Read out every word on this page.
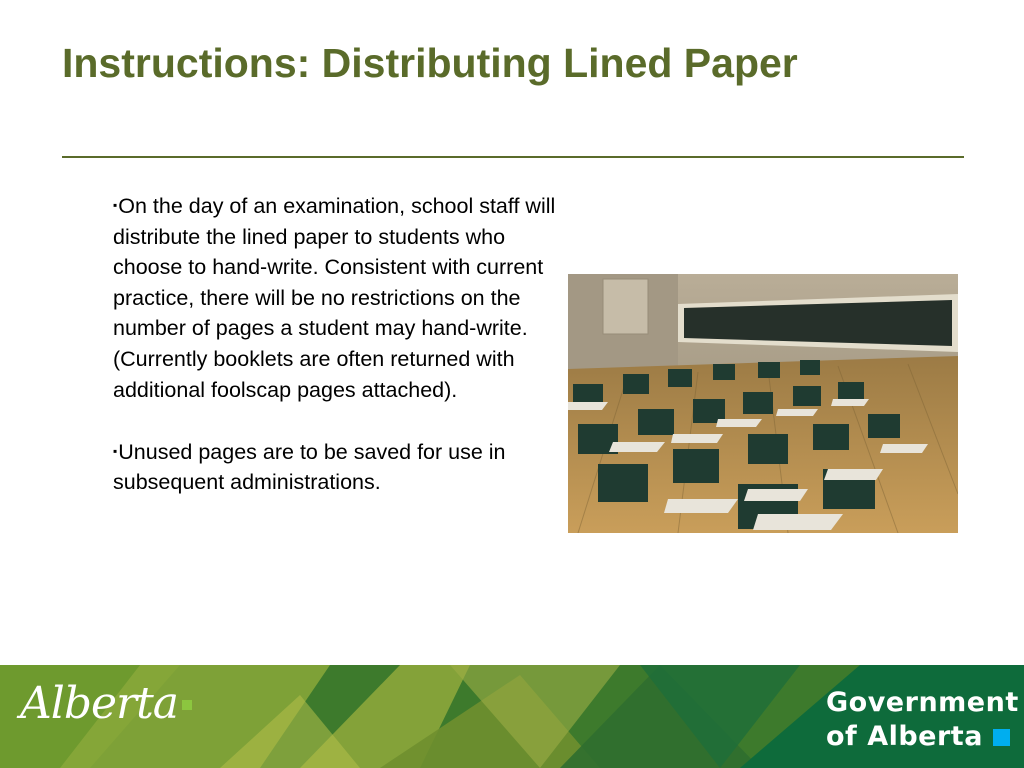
Instructions: Distributing Lined Paper

▪On the day of an examination, school staff will distribute the lined paper to students who choose to hand-write. Consistent with current practice, there will be no restrictions on the number of pages a student may hand-write. (Currently booklets are often returned with additional foolscap pages attached).

▪Unused pages are to be saved for use in subsequent administrations.

Alberta	Government
of Alberta
